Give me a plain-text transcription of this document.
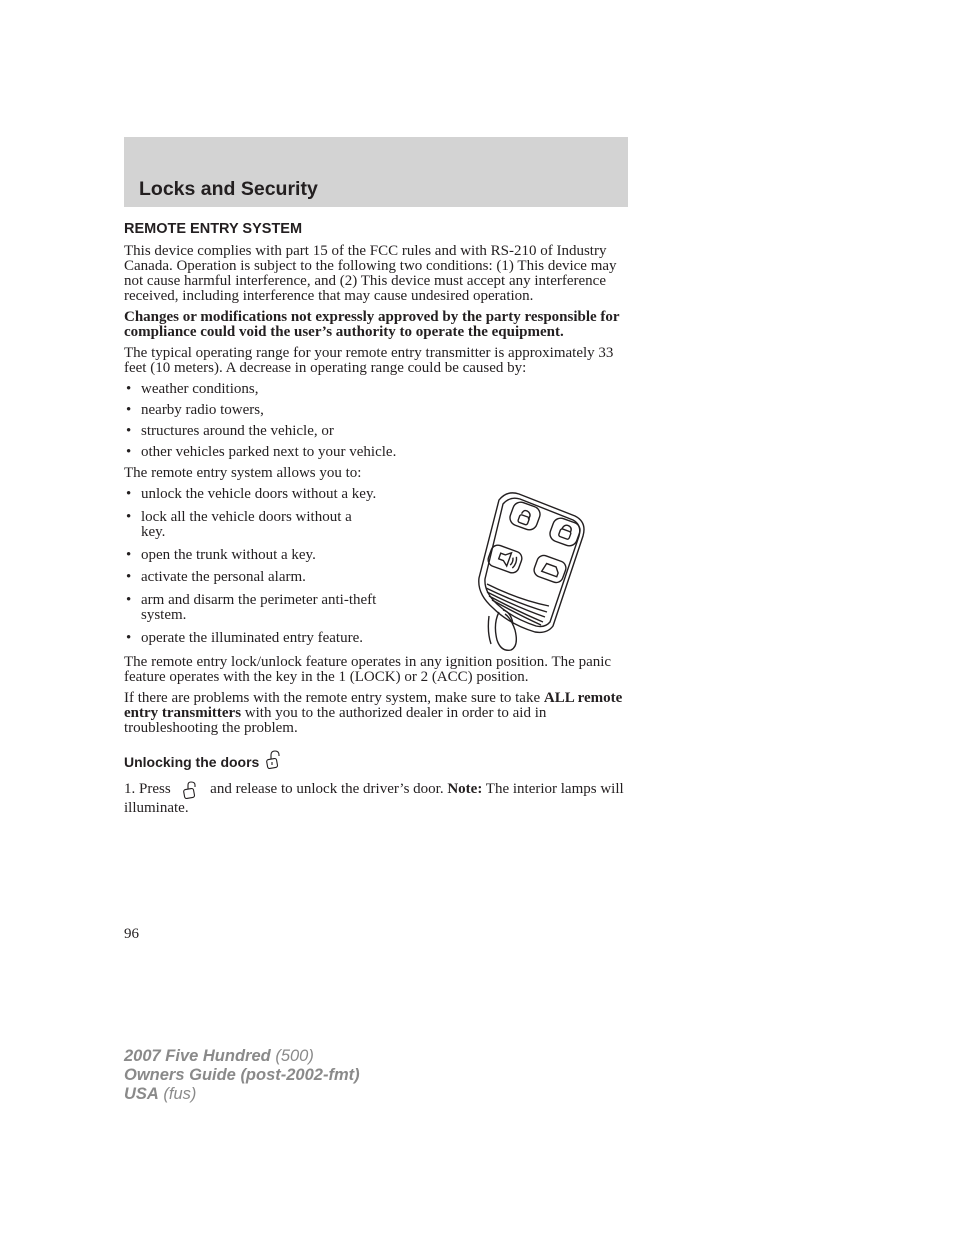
Locks and Security
REMOTE ENTRY SYSTEM

This device complies with part 15 of the FCC rules and with RS-210 of Industry Canada. Operation is subject to the following two conditions: (1) This device may not cause harmful interference, and (2) This device must accept any interference received, including interference that may cause undesired operation.

Changes or modifications not expressly approved by the party responsible for compliance could void the user’s authority to operate the equipment.

The typical operating range for your remote entry transmitter is approximately 33 feet (10 meters). A decrease in operating range could be caused by:

• weather conditions,
• nearby radio towers,
• structures around the vehicle, or
• other vehicles parked next to your vehicle.

The remote entry system allows you to:

• unlock the vehicle doors without a key.
• lock all the vehicle doors without a key.
• open the trunk without a key.
• activate the personal alarm.
• arm and disarm the perimeter anti-theft system.
• operate the illuminated entry feature.

The remote entry lock/unlock feature operates in any ignition position. The panic feature operates with the key in the 1 (LOCK) or 2 (ACC) position.

If there are problems with the remote entry system, make sure to take ALL remote entry transmitters with you to the authorized dealer in order to aid in troubleshooting the problem.

Unlocking the doors

1. Press	and release to unlock the driver’s door. Note: The interior lamps will illuminate.

96
2007 Five Hundred (500)
Owners Guide (post-2002-fmt)
USA (fus)
